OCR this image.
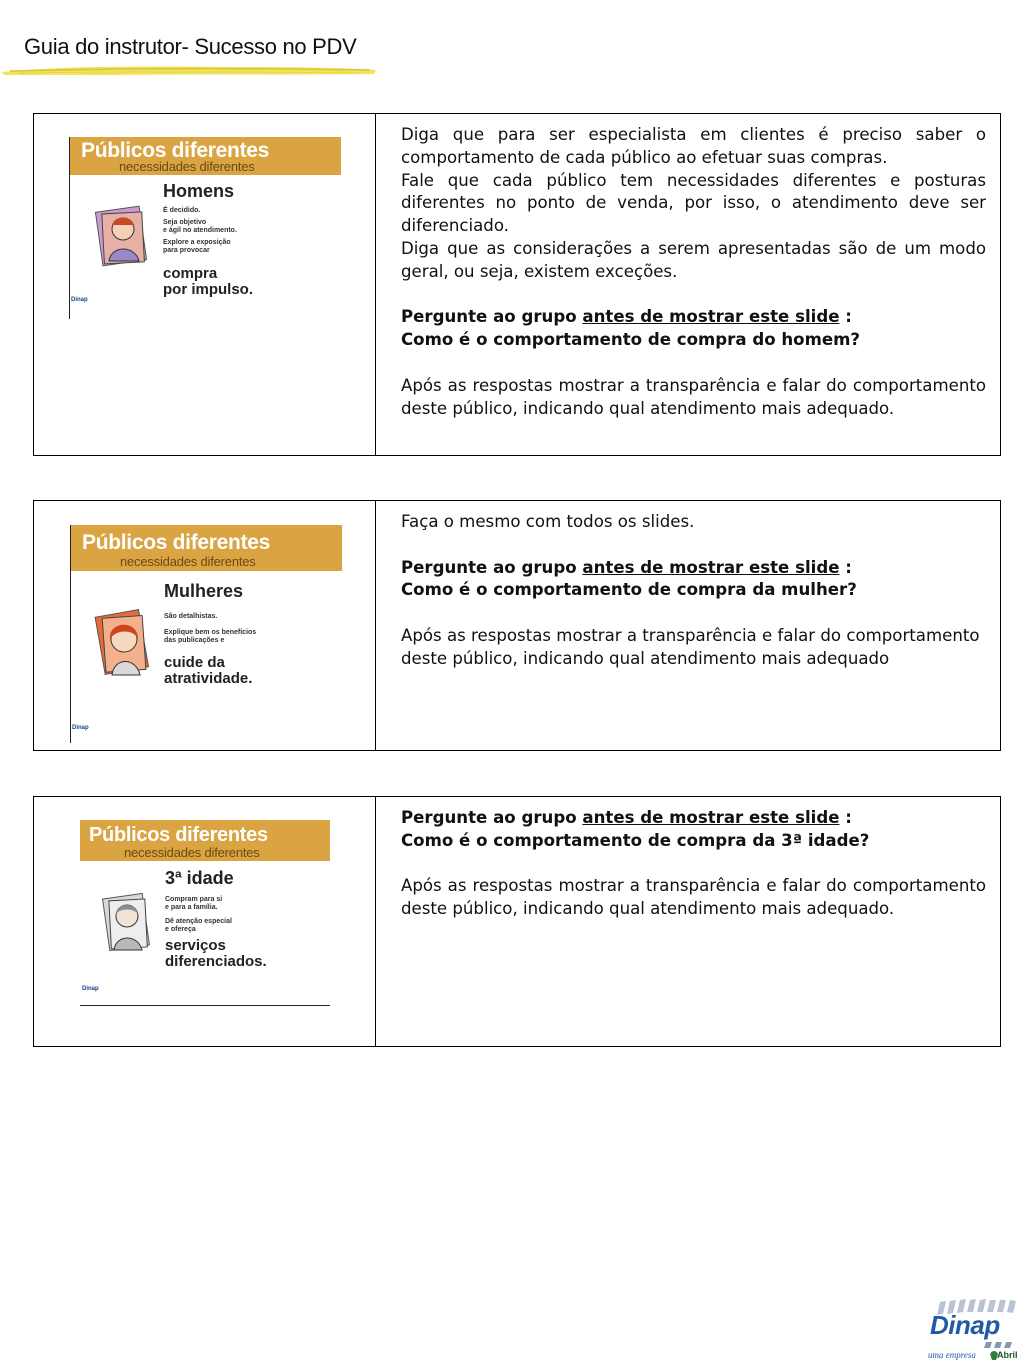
Guia do instrutor- Sucesso no PDV
Públicos diferentes
necessidades diferentes
Homens
É decidido.
Seja objetivo
e ágil no atendimento.
Explore a exposição
para provocar
compra
por impulso.
Dinap

Diga que para ser especialista em clientes é preciso saber o comportamento de cada público ao efetuar suas compras.

Fale que cada público tem necessidades diferentes e posturas diferentes no ponto de venda, por isso, o atendimento deve ser diferenciado.

Diga que as considerações a serem apresentadas são de um modo geral, ou seja, existem exceções.

Pergunte ao grupo antes de mostrar este slide :

Como é o comportamento de compra do homem?

Após as respostas mostrar a transparência e falar do comportamento deste público, indicando qual atendimento mais adequado.

Públicos diferentes
necessidades diferentes
Mulheres
São detalhistas.
Explique bem os benefícios
das publicações e
cuide da
atratividade.
Dinap

Faça o mesmo com todos os slides.

Pergunte ao grupo antes de mostrar este slide :

Como é o comportamento de compra da mulher?

Após as respostas mostrar a transparência e falar do comportamento deste público, indicando qual atendimento mais adequado

Públicos diferentes
necessidades diferentes
3ª idade
Compram para si
e para a família.
Dê atenção especial
e ofereça
serviços
diferenciados.
Dinap

Pergunte ao grupo antes de mostrar este slide :

Como é o comportamento de compra da 3ª idade?

Após as respostas mostrar a transparência e falar do comportamento deste público, indicando qual atendimento mais adequado.

Dinap
uma empresa Abril
